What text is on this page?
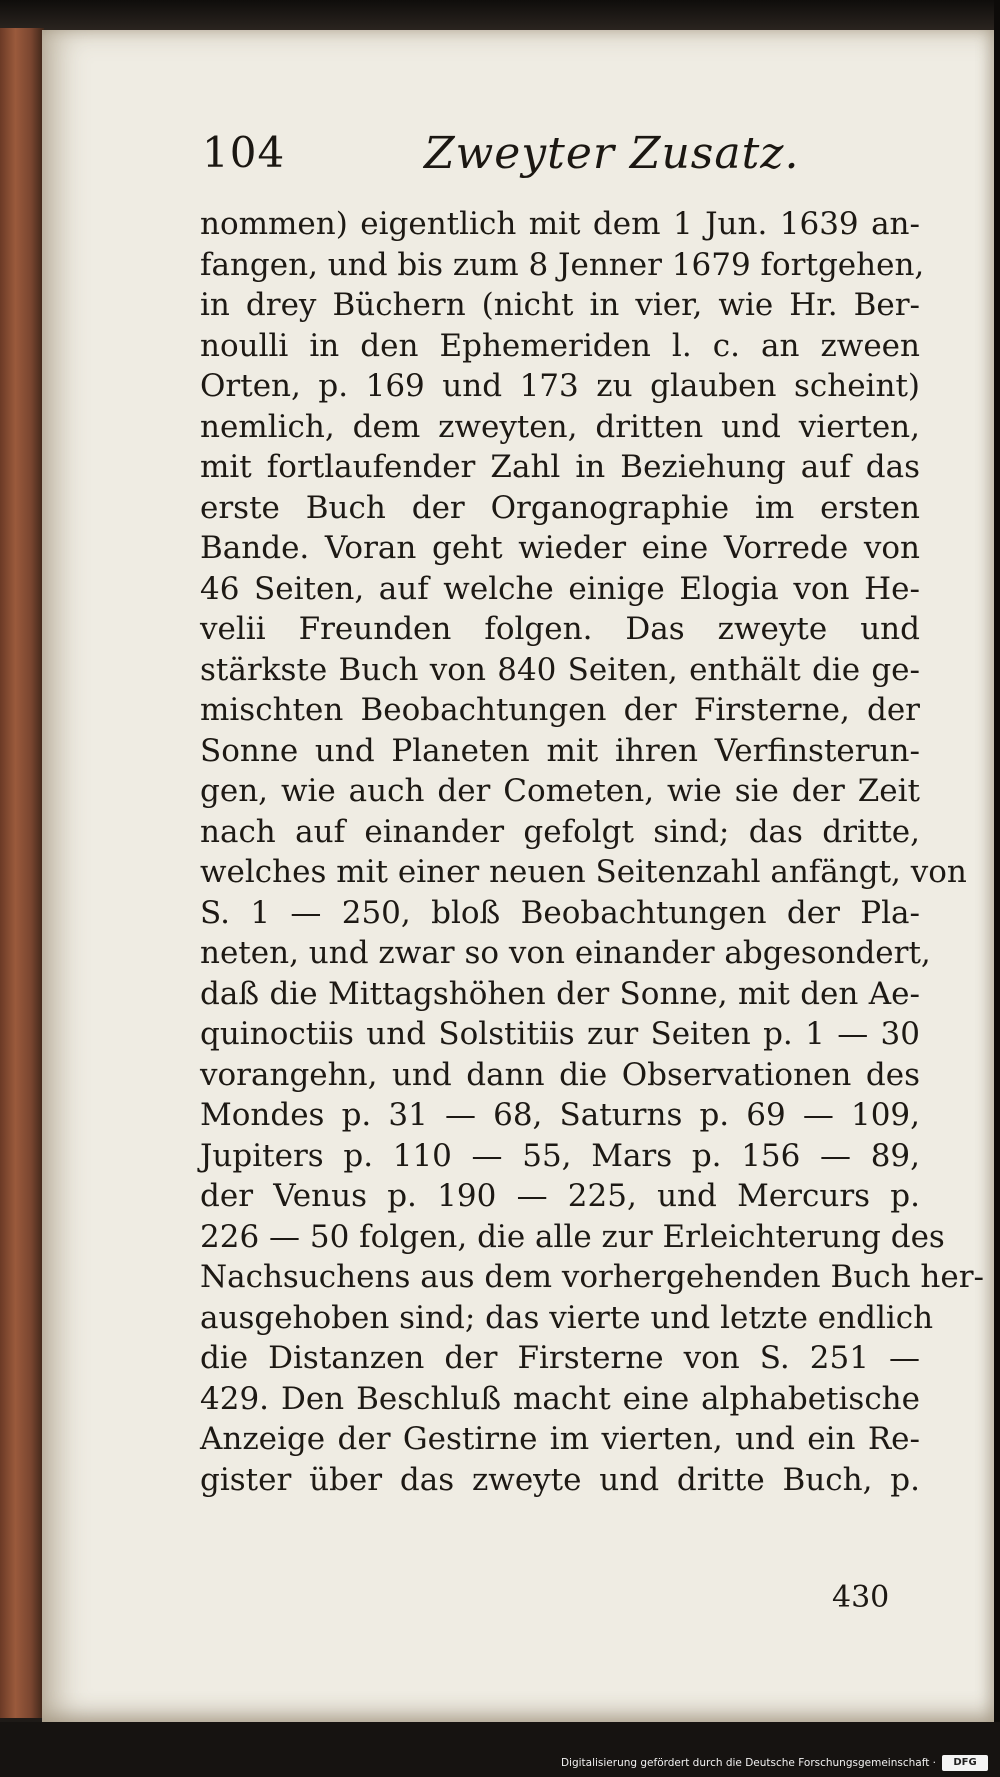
104	Zweyter Zusatz.
nommen) eigentlich mit dem 1 Jun. 1639 an-
fangen, und bis zum 8 Jenner 1679 fortgehen,
in drey Büchern (nicht in vier, wie Hr. Ber-
noulli in den Ephemeriden l. c. an zween
Orten, p. 169 und 173 zu glauben scheint)
nemlich, dem zweyten, dritten und vierten,
mit fortlaufender Zahl in Beziehung auf das
erste Buch der Organographie im ersten
Bande. Voran geht wieder eine Vorrede von
46 Seiten, auf welche einige Elogia von He-
velii Freunden folgen. Das zweyte und
stärkste Buch von 840 Seiten, enthält die ge-
mischten Beobachtungen der Firsterne, der
Sonne und Planeten mit ihren Verfinsterun-
gen, wie auch der Cometen, wie sie der Zeit
nach auf einander gefolgt sind; das dritte,
welches mit einer neuen Seitenzahl anfängt, von
S. 1 — 250, bloß Beobachtungen der Pla-
neten, und zwar so von einander abgesondert,
daß die Mittagshöhen der Sonne, mit den Ae-
quinoctiis und Solstitiis zur Seiten p. 1 — 30
vorangehn, und dann die Observationen des
Mondes p. 31 — 68, Saturns p. 69 — 109,
Jupiters p. 110 — 55, Mars p. 156 — 89,
der Venus p. 190 — 225, und Mercurs p.
226 — 50 folgen, die alle zur Erleichterung des
Nachsuchens aus dem vorhergehenden Buch her-
ausgehoben sind; das vierte und letzte endlich
die Distanzen der Firsterne von S. 251 —
429. Den Beschluß macht eine alphabetische
Anzeige der Gestirne im vierten, und ein Re-
gister über das zweyte und dritte Buch, p.
430
Digitalisierung gefördert durch die Deutsche Forschungsgemeinschaft ·	DFG
